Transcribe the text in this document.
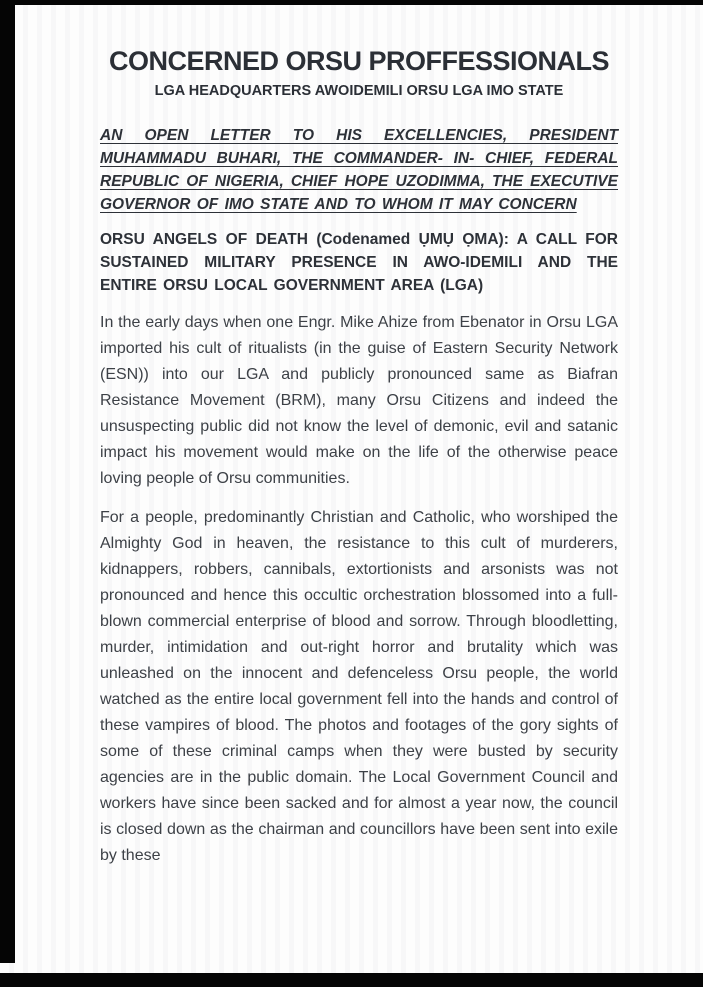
CONCERNED ORSU PROFFESSIONALS
LGA HEADQUARTERS AWOIDEMILI ORSU LGA IMO STATE
AN OPEN LETTER TO HIS EXCELLENCIES, PRESIDENT MUHAMMADU BUHARI, THE COMMANDER- IN- CHIEF, FEDERAL REPUBLIC OF NIGERIA, CHIEF HOPE UZODIMMA, THE EXECUTIVE GOVERNOR OF IMO STATE AND TO WHOM IT MAY CONCERN
ORSU ANGELS OF DEATH (Codenamed ỤMỤ ỌMA): A CALL FOR SUSTAINED MILITARY PRESENCE IN AWO-IDEMILI AND THE ENTIRE ORSU LOCAL GOVERNMENT AREA (LGA)

In the early days when one Engr. Mike Ahize from Ebenator in Orsu LGA imported his cult of ritualists (in the guise of Eastern Security Network (ESN)) into our LGA and publicly pronounced same as Biafran Resistance Movement (BRM), many Orsu Citizens and indeed the unsuspecting public did not know the level of demonic, evil and satanic impact his movement would make on the life of the otherwise peace loving people of Orsu communities.

For a people, predominantly Christian and Catholic, who worshiped the Almighty God in heaven, the resistance to this cult of murderers, kidnappers, robbers, cannibals, extortionists and arsonists was not pronounced and hence this occultic orchestration blossomed into a full-blown commercial enterprise of blood and sorrow. Through bloodletting, murder, intimidation and out-right horror and brutality which was unleashed on the innocent and defenceless Orsu people, the world watched as the entire local government fell into the hands and control of these vampires of blood. The photos and footages of the gory sights of some of these criminal camps when they were busted by security agencies are in the public domain. The Local Government Council and workers have since been sacked and for almost a year now, the council is closed down as the chairman and councillors have been sent into exile by these
